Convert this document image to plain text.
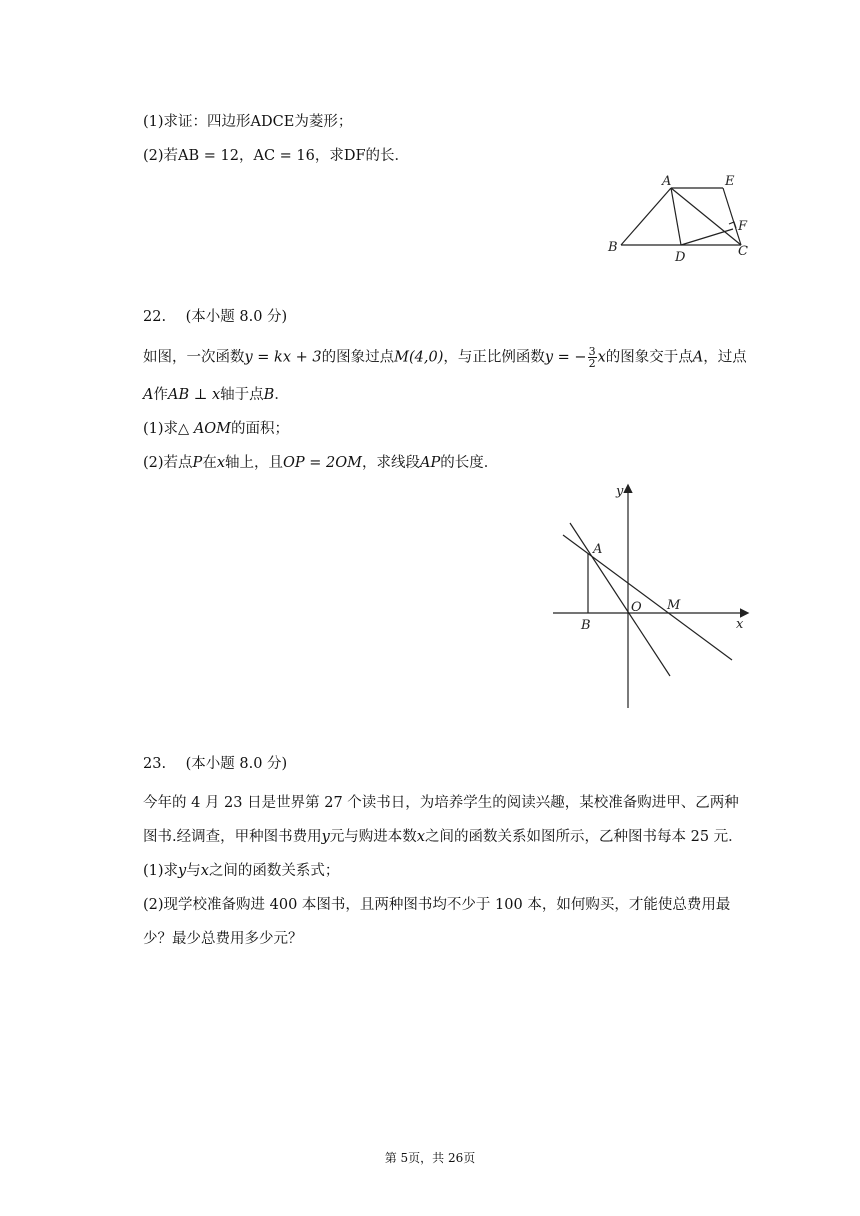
(1)求证：四边形ADCE为菱形；
(2)若AB = 12，AC = 16，求DF的长．
A	E
F
B
D	C
22. (本小题 8.0 分)
如图，一次函数y = kx + 3的图象过点M(4,0)，与正比例函数y = − $\frac{3}{2}$ x的图象交于点A，过点
A作AB ⊥ x轴于点B．
(1)求△ AOM的面积；
(2)若点P在x轴上，且OP = 2OM，求线段AP的长度．
y
x
A
O M
B
23. (本小题 8.0 分)
今年的 4 月 23 日是世界第 27 个读书日，为培养学生的阅读兴趣，某校准备购进甲、乙两种
图书.经调查，甲种图书费用y元与购进本数x之间的函数关系如图所示，乙种图书每本 25 元．
(1)求y与x之间的函数关系式；
(2)现学校准备购进 400 本图书，且两种图书均不少于 100 本，如何购买，才能使总费用最
少？最少总费用多少元？
第 5页，共 26页
